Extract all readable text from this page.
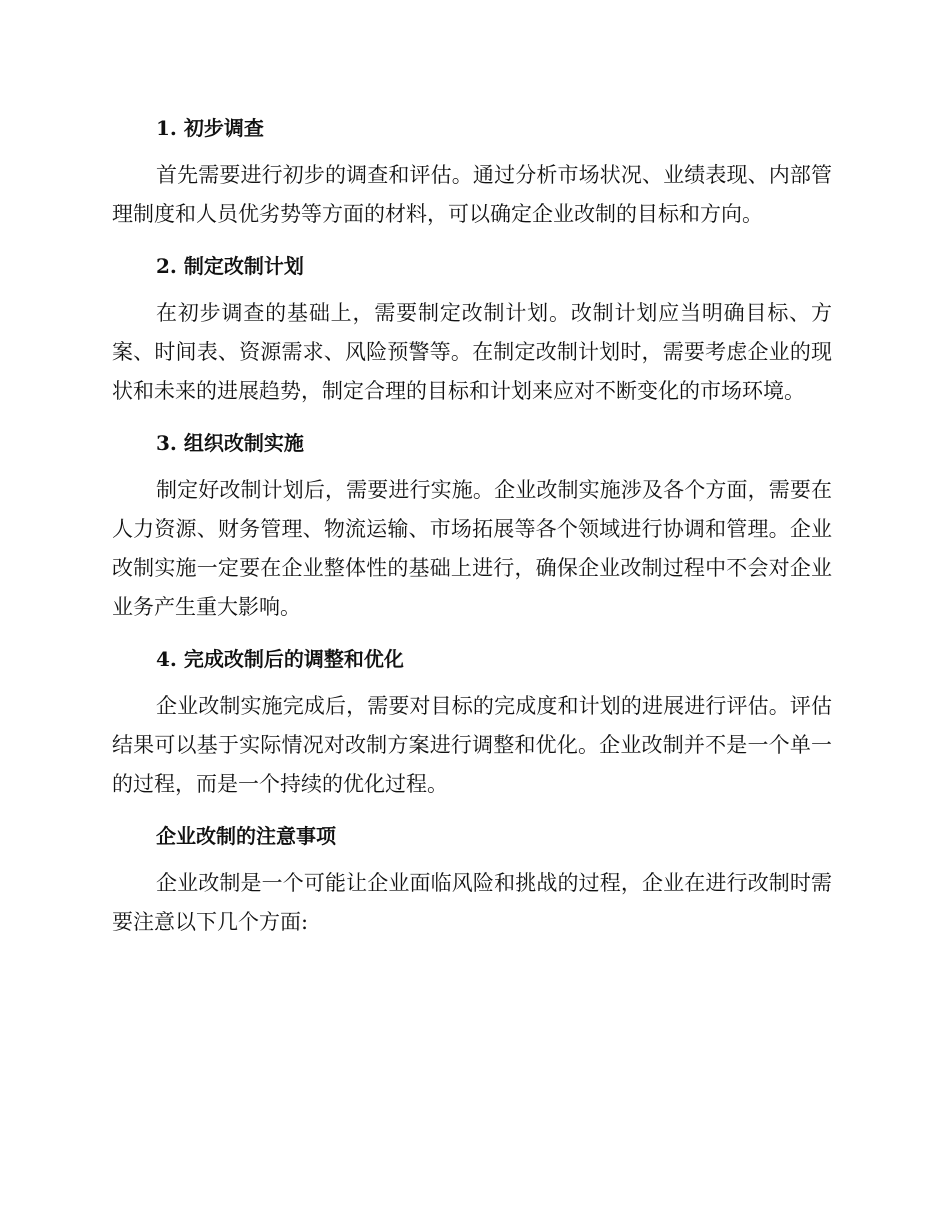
1. 初步调查

首先需要进行初步的调查和评估。通过分析市场状况、业绩表现、内部管理制度和人员优劣势等方面的材料，可以确定企业改制的目标和方向。

2. 制定改制计划

在初步调查的基础上，需要制定改制计划。改制计划应当明确目标、方案、时间表、资源需求、风险预警等。在制定改制计划时，需要考虑企业的现状和未来的进展趋势，制定合理的目标和计划来应对不断变化的市场环境。

3. 组织改制实施

制定好改制计划后，需要进行实施。企业改制实施涉及各个方面，需要在人力资源、财务管理、物流运输、市场拓展等各个领域进行协调和管理。企业改制实施一定要在企业整体性的基础上进行，确保企业改制过程中不会对企业业务产生重大影响。

4. 完成改制后的调整和优化

企业改制实施完成后，需要对目标的完成度和计划的进展进行评估。评估结果可以基于实际情况对改制方案进行调整和优化。企业改制并不是一个单一的过程，而是一个持续的优化过程。

企业改制的注意事项

企业改制是一个可能让企业面临风险和挑战的过程，企业在进行改制时需要注意以下几个方面:
